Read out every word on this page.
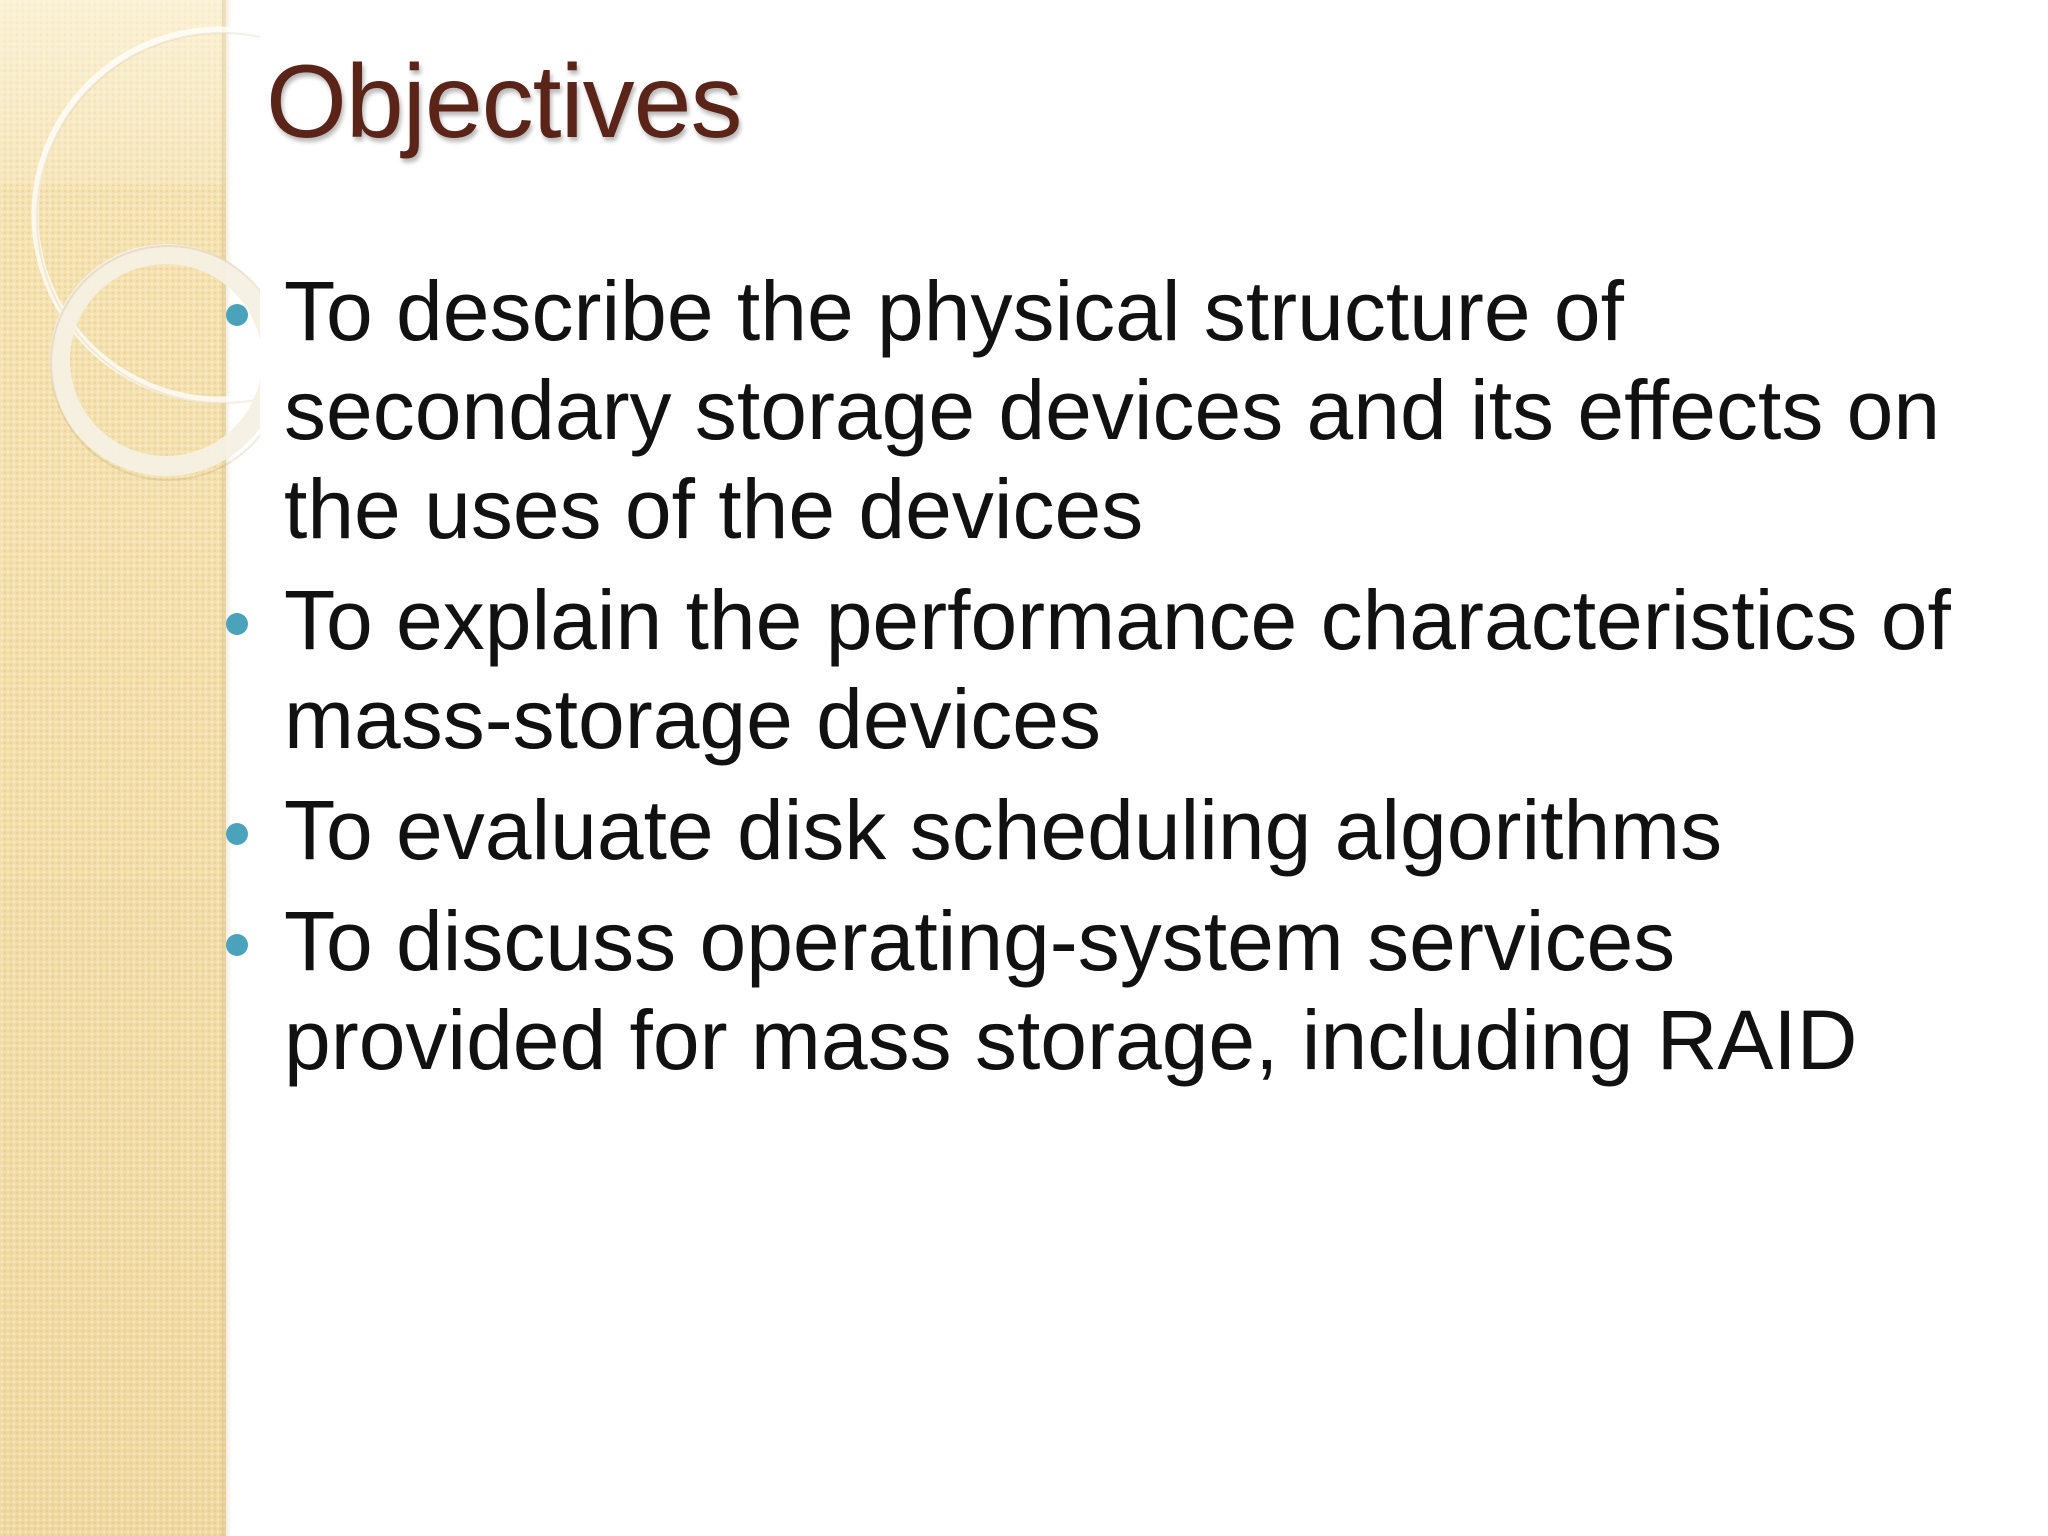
Objectives
To describe the physical structure of secondary storage devices and its effects on the uses of the devices
To explain the performance characteristics of mass-storage devices
To evaluate disk scheduling algorithms
To discuss operating-system services provided for mass storage, including RAID
